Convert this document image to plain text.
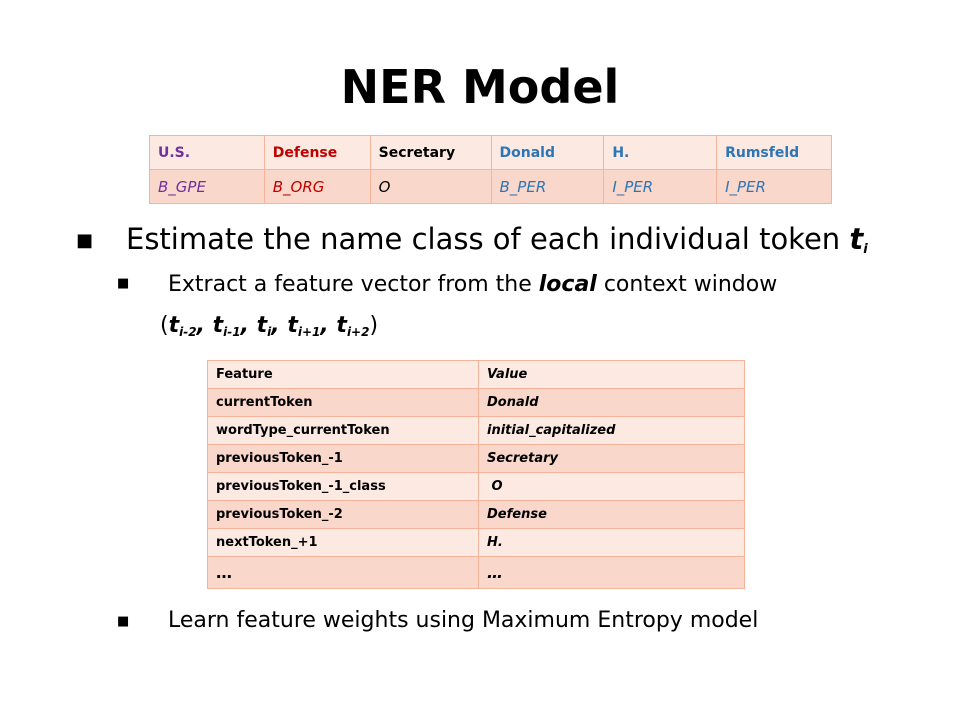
NER Model
U.S.	Defense	Secretary	Donald	H.	Rumsfeld
B_GPE	B_ORG	O	B_PER	I_PER	I_PER
■ Estimate the name class of each individual token $t_i$
■ Extract a feature vector from the local context window
($t_{i-2}$, $t_{i-1}$, $t_i$, $t_{i+1}$, $t_{i+2}$)
Feature	Value
currentToken	Donald
wordType_currentToken	initial_capitalized
previousToken_-1	Secretary
previousToken_-1_class	O
previousToken_-2	Defense
nextToken_+1	H.
…	…
■ Learn feature weights using Maximum Entropy model
